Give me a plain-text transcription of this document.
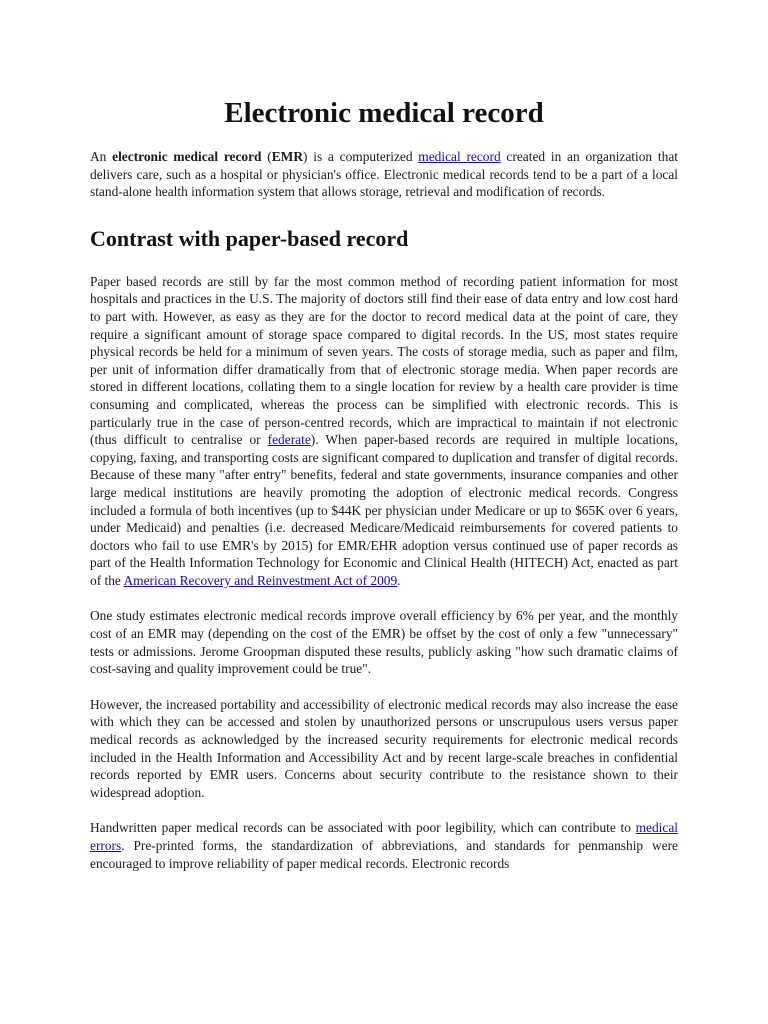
Electronic medical record

An electronic medical record (EMR) is a computerized medical record created in an organization that delivers care, such as a hospital or physician's office. Electronic medical records tend to be a part of a local stand-alone health information system that allows storage, retrieval and modification of records.

Contrast with paper-based record

Paper based records are still by far the most common method of recording patient information for most hospitals and practices in the U.S. The majority of doctors still find their ease of data entry and low cost hard to part with. However, as easy as they are for the doctor to record medical data at the point of care, they require a significant amount of storage space compared to digital records. In the US, most states require physical records be held for a minimum of seven years. The costs of storage media, such as paper and film, per unit of information differ dramatically from that of electronic storage media. When paper records are stored in different locations, collating them to a single location for review by a health care provider is time consuming and complicated, whereas the process can be simplified with electronic records. This is particularly true in the case of person-centred records, which are impractical to maintain if not electronic (thus difficult to centralise or federate). When paper-based records are required in multiple locations, copying, faxing, and transporting costs are significant compared to duplication and transfer of digital records. Because of these many "after entry" benefits, federal and state governments, insurance companies and other large medical institutions are heavily promoting the adoption of electronic medical records. Congress included a formula of both incentives (up to $44K per physician under Medicare or up to $65K over 6 years, under Medicaid) and penalties (i.e. decreased Medicare/Medicaid reimbursements for covered patients to doctors who fail to use EMR's by 2015) for EMR/EHR adoption versus continued use of paper records as part of the Health Information Technology for Economic and Clinical Health (HITECH) Act, enacted as part of the American Recovery and Reinvestment Act of 2009.

One study estimates electronic medical records improve overall efficiency by 6% per year, and the monthly cost of an EMR may (depending on the cost of the EMR) be offset by the cost of only a few "unnecessary" tests or admissions. Jerome Groopman disputed these results, publicly asking "how such dramatic claims of cost-saving and quality improvement could be true".

However, the increased portability and accessibility of electronic medical records may also increase the ease with which they can be accessed and stolen by unauthorized persons or unscrupulous users versus paper medical records as acknowledged by the increased security requirements for electronic medical records included in the Health Information and Accessibility Act and by recent large-scale breaches in confidential records reported by EMR users. Concerns about security contribute to the resistance shown to their widespread adoption.

Handwritten paper medical records can be associated with poor legibility, which can contribute to medical errors. Pre-printed forms, the standardization of abbreviations, and standards for penmanship were encouraged to improve reliability of paper medical records. Electronic records
